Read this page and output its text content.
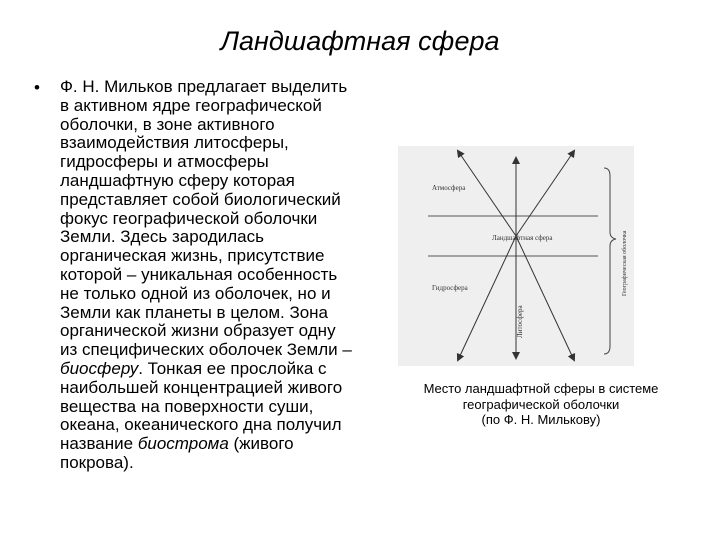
Ландшафтная сфера
• Ф. Н. Мильков предлагает выделить
в активном ядре географической
оболочки, в зоне активного
взаимодействия литосферы,
гидросферы и атмосферы
ландшафтную сферу которая
представляет собой биологический
фокус географической оболочки
Земли. Здесь зародилась
органическая жизнь, присутствие
которой – уникальная особенность
не только одной из оболочек, но и
Земли как планеты в целом. Зона
органической жизни образует одну
из специфических оболочек Земли –
биосферу. Тонкая ее прослойка с
наибольшей концентрацией живого
вещества на поверхности суши,
океана, океанического дна получил
название биострома (живого
покрова).
Атмосфера
Ландшафтная сфера
Гидросфера
Литосфера
Географическая оболочка
Место ландшафтной сферы в системе
географической оболочки
(по Ф. Н. Милькову)
